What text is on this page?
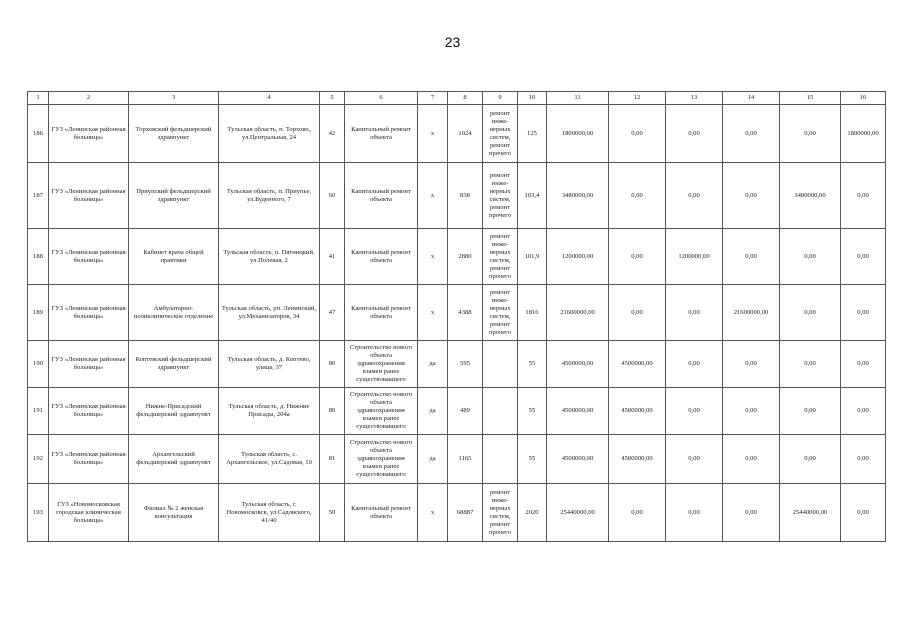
23
1	2	3	4	5	6	7	8	9	10	11	12	13	14	15	16
186	ГУЗ «Ленинская районная больница»	Торховский фельдшерский здравпункт	Тульская область, п. Торхово, ул.Центральная, 24	42	Капитальный ремонт объекта	х	1024	ремонт инже-нерных систем, ремонт прочего	125	1800000,00	0,00	0,00	0,00	0,00	1800000,00
187	ГУЗ «Ленинская районная больница»	Приупский фельдшерский здравпункт	Тульская область, п. Приупье, ул.Буденного, 7	60	Капитальный ремонт объекта	х	838	ремонт инже-нерных систем, ремонт прочего	103,4	3480000,00	0,00	0,00	0,00	3480000,00	0,00
188	ГУЗ «Ленинская районная больница»	Кабинет врача общей практики	Тульская область, п. Пятницкий, ул.Полевая, 2	41	Капитальный ремонт объекта	х	2880	ремонт инже-нерных систем, ремонт прочего	101,9	1200000,00	0,00	1200000,00	0,00	0,00	0,00
189	ГУЗ «Ленинская районная больница»	Амбулаторно-поликлиническое отделение	Тульская область, рп. Ленинский, ул.Механизаторов, 34	47	Капитальный ремонт объекта	х	4388	ремонт инже-нерных систем, ремонт прочего	1816	21600000,00	0,00	0,00	21600000,00	0,00	0,00
190	ГУЗ «Ленинская районная больница»	Коптевский фельдшерский здравпункт	Тульская область, д. Коптево, улица, 37	80	Строительство нового объекта здравоохранения взамен ранее существовавшего	да	595		55	4500000,00	4500000,00	0,00	0,00	0,00	0,00
191	ГУЗ «Ленинская районная больница»	Нижне-Присадский фельдшерский здравпункт	Тульская область, д. Нижние Присады, 204а	80	Строительство нового объекта здравоохранения взамен ранее существовавшего	да	489		55	4500000,00	4500000,00	0,00	0,00	0,00	0,00
192	ГУЗ «Ленинская районная больница»	Архангельский фельдшерский здравпункт	Тульская область, с. Архангельское, ул.Садовая, 10	81	Строительство нового объекта здравоохранения взамен ранее существовавшего	да	1165		55	4500000,00	4500000,00	0,00	0,00	0,00	0,00
193	ГУЗ «Новомосковская городская клиническая больница»	Филиал № 2 женская консультация	Тульская область, г. Новомосковск, ул.Садовского, 41/40	50	Капитальный ремонт объекта	х	68887	ремонт инже-нерных систем, ремонт прочего	2020	25440000,00	0,00	0,00	0,00	25440000,00	0,00
